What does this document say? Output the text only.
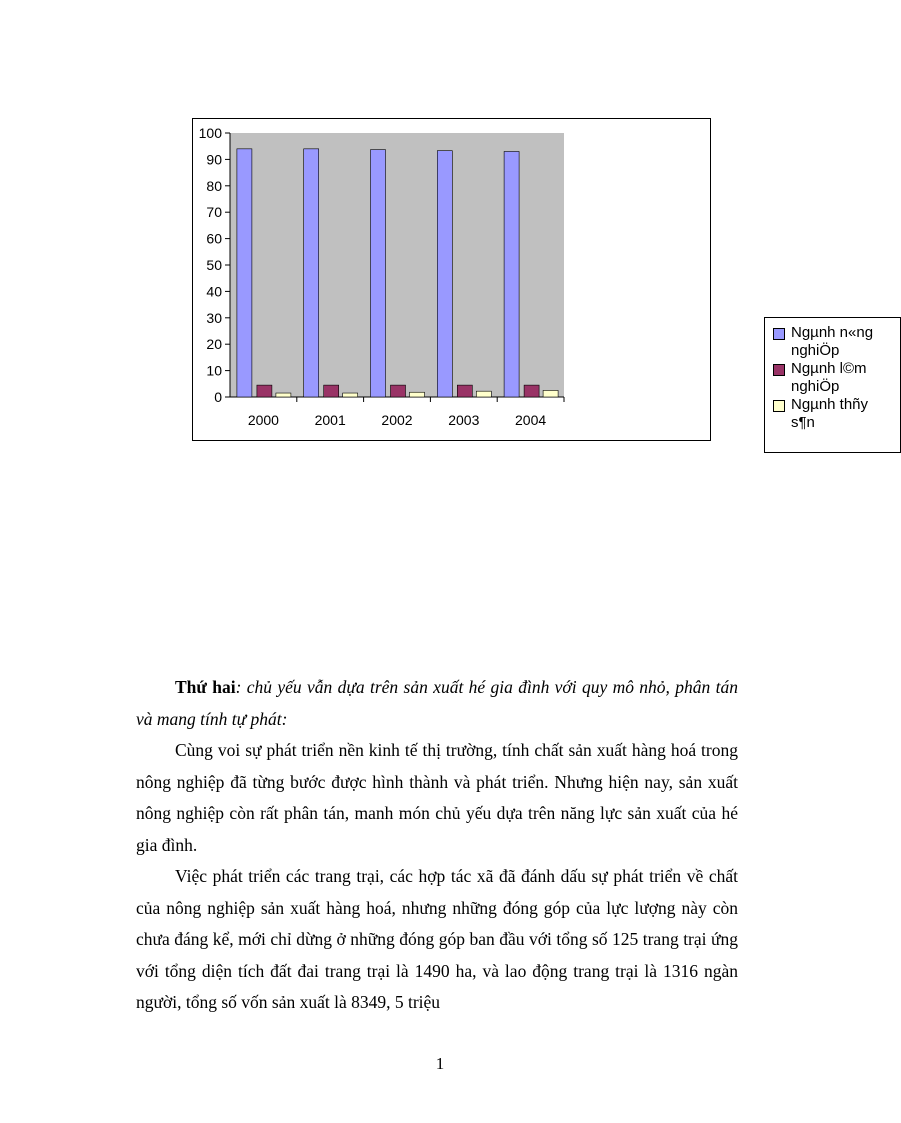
0
10
20
30
40
50
60
70
80
90
100
2000	2001	2002	2003	2004
Ngµnh n«ng
nghiÖp
Ngµnh l©m
nghiÖp
Ngµnh thñy
s¶n

Thứ hai: chủ yếu vẫn dựa trên sản xuất hé gia đình với quy mô nhỏ, phân tán và mang tính tự phát:

Cùng voi sự phát triển nền kinh tế thị trường, tính chất sản xuất hàng hoá trong nông nghiệp đã từng bước được hình thành và phát triển. Nhưng hiện nay, sản xuất nông nghiệp còn rất phân tán, manh món chủ yếu dựa trên năng lực sản xuất của hé gia đình.

Việc phát triển các trang trại, các hợp tác xã đã đánh dấu sự phát triển về chất của nông nghiệp sản xuất hàng hoá, nhưng những đóng góp của lực lượng này còn chưa đáng kể, mới chỉ dừng ở những đóng góp ban đầu với tổng số 125 trang trại ứng với tổng diện tích đất đai trang trại là 1490 ha, và lao động trang trại là 1316 ngàn người, tổng số vốn sản xuất là 8349, 5 triệu

1
